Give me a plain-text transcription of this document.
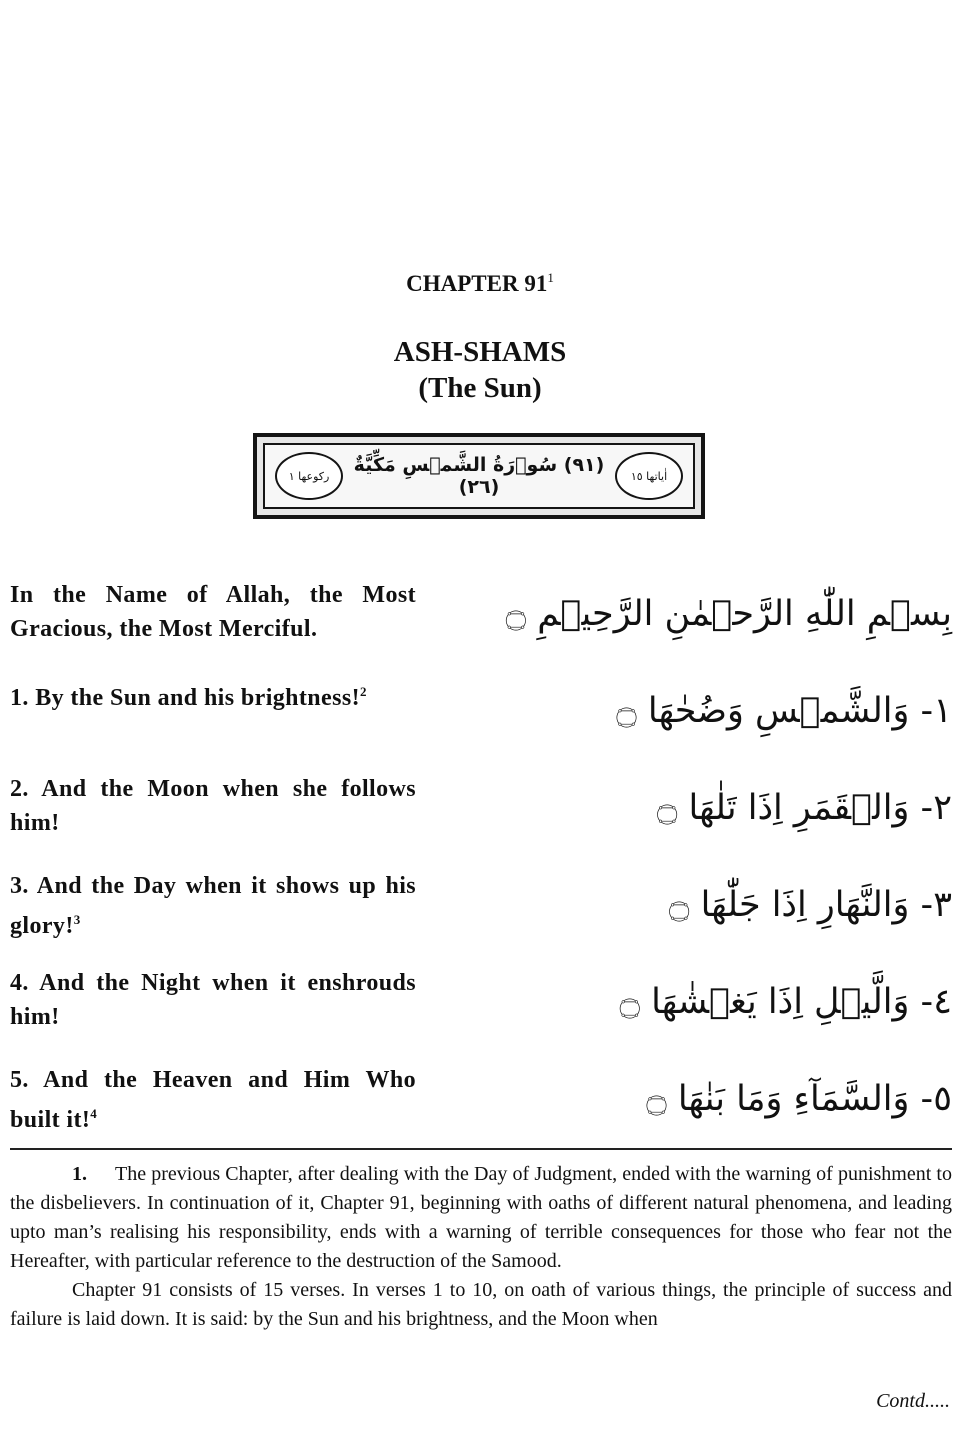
CHAPTER $91^1$
ASH-SHAMS
(The Sun)
ركوعها ١	(٩١) سُوۡرَةُ الشَّمۡسِ مَكِّيَّةٌ (٢٦)	اٰياتها ١٥
In the Name of Allah, the Most Gracious, the Most Merciful.	بِسۡمِ اللّٰهِ الرَّحۡمٰنِ الرَّحِيۡمِ ۝
1. By the Sun and his brightness!$^2$	١- وَالشَّمۡسِ وَضُحٰهَا ۝
2. And the Moon when she follows him!	٢- وَالۡقَمَرِ اِذَا تَلٰهَا ۝
3. And the Day when it shows up his glory!$^3$	٣- وَالنَّهَارِ اِذَا جَلّٰهَا ۝
4. And the Night when it enshrouds him!	٤- وَالَّيۡلِ اِذَا يَغۡشٰهَا ۝
5. And the Heaven and Him Who built it!$^4$	٥- وَالسَّمَآءِ وَمَا بَنٰهَا ۝

1. The previous Chapter, after dealing with the Day of Judgment, ended with the warning of punishment to the disbelievers. In continuation of it, Chapter 91, beginning with oaths of different natural phenomena, and leading upto man’s realising his responsibility, ends with a warning of terrible consequences for those who fear not the Hereafter, with particular reference to the destruction of the Samood.

Chapter 91 consists of 15 verses. In verses 1 to 10, on oath of various things, the principle of success and failure is laid down. It is said: by the Sun and his brightness, and the Moon when

Contd.....
